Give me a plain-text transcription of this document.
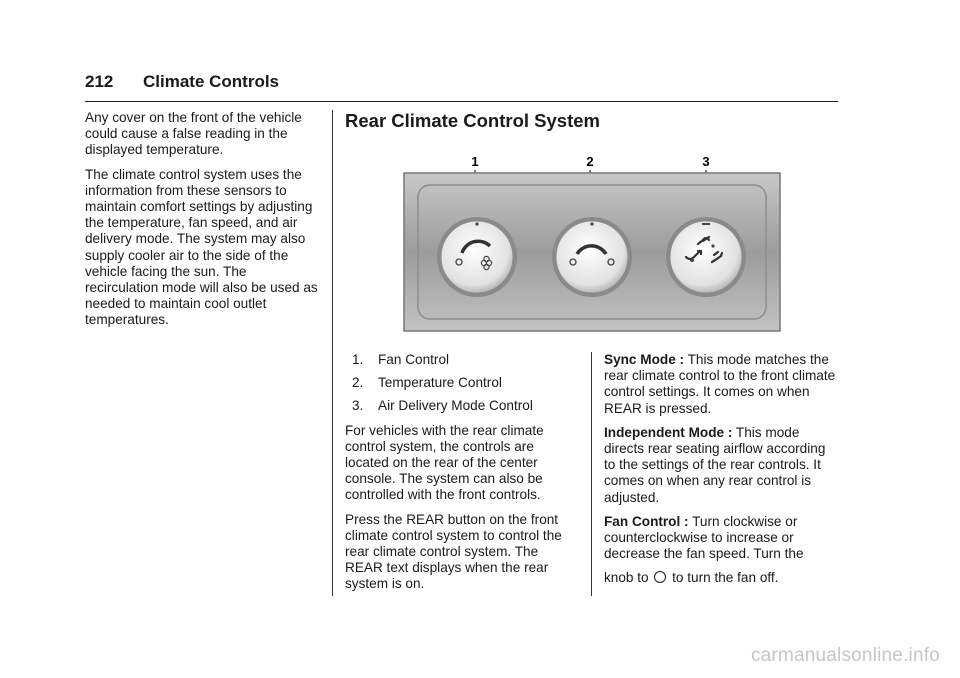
212 Climate Controls

Any cover on the front of the vehicle could cause a false reading in the displayed temperature.

The climate control system uses the information from these sensors to maintain comfort settings by adjusting the temperature, fan speed, and air delivery mode. The system may also supply cooler air to the side of the vehicle facing the sun. The recirculation mode will also be used as needed to maintain cool outlet temperatures.

Rear Climate Control System
1	2	3
1. Fan Control
2. Temperature Control
3. Air Delivery Mode Control

For vehicles with the rear climate control system, the controls are located on the rear of the center console. The system can also be controlled with the front controls.

Press the REAR button on the front climate control system to control the rear climate control system. The REAR text displays when the rear system is on.

Sync Mode : This mode matches the rear climate control to the front climate control settings. It comes on when REAR is pressed.

Independent Mode : This mode directs rear seating airflow according to the settings of the rear controls. It comes on when any rear control is adjusted.

Fan Control : Turn clockwise or counterclockwise to increase or decrease the fan speed. Turn the

knob to  to turn the fan off.

carmanualsonline.info
